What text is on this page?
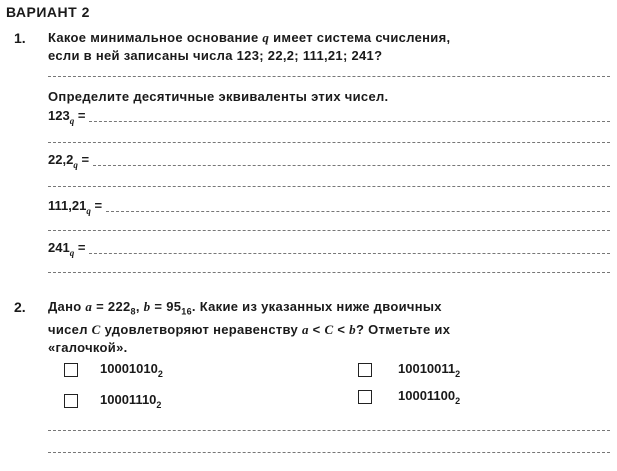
ВАРИАНТ 2
1. Какое минимальное основание q имеет система счисления,
если в ней записаны числа 123; 22,2; 111,21; 241?
Определите десятичные эквиваленты этих чисел.
$123_q$ =
$22,2_q$ =
$111,21_q$ =
$241_q$ =
2. Дано $a = 222_8$, $b = 95_{16}$. Какие из указанных ниже двоичных
чисел C удовлетворяют неравенству a < C < b? Отметьте их
«галочкой».
$10001010_2$	$10010011_2$
$10001110_2$
$10001100_2$
